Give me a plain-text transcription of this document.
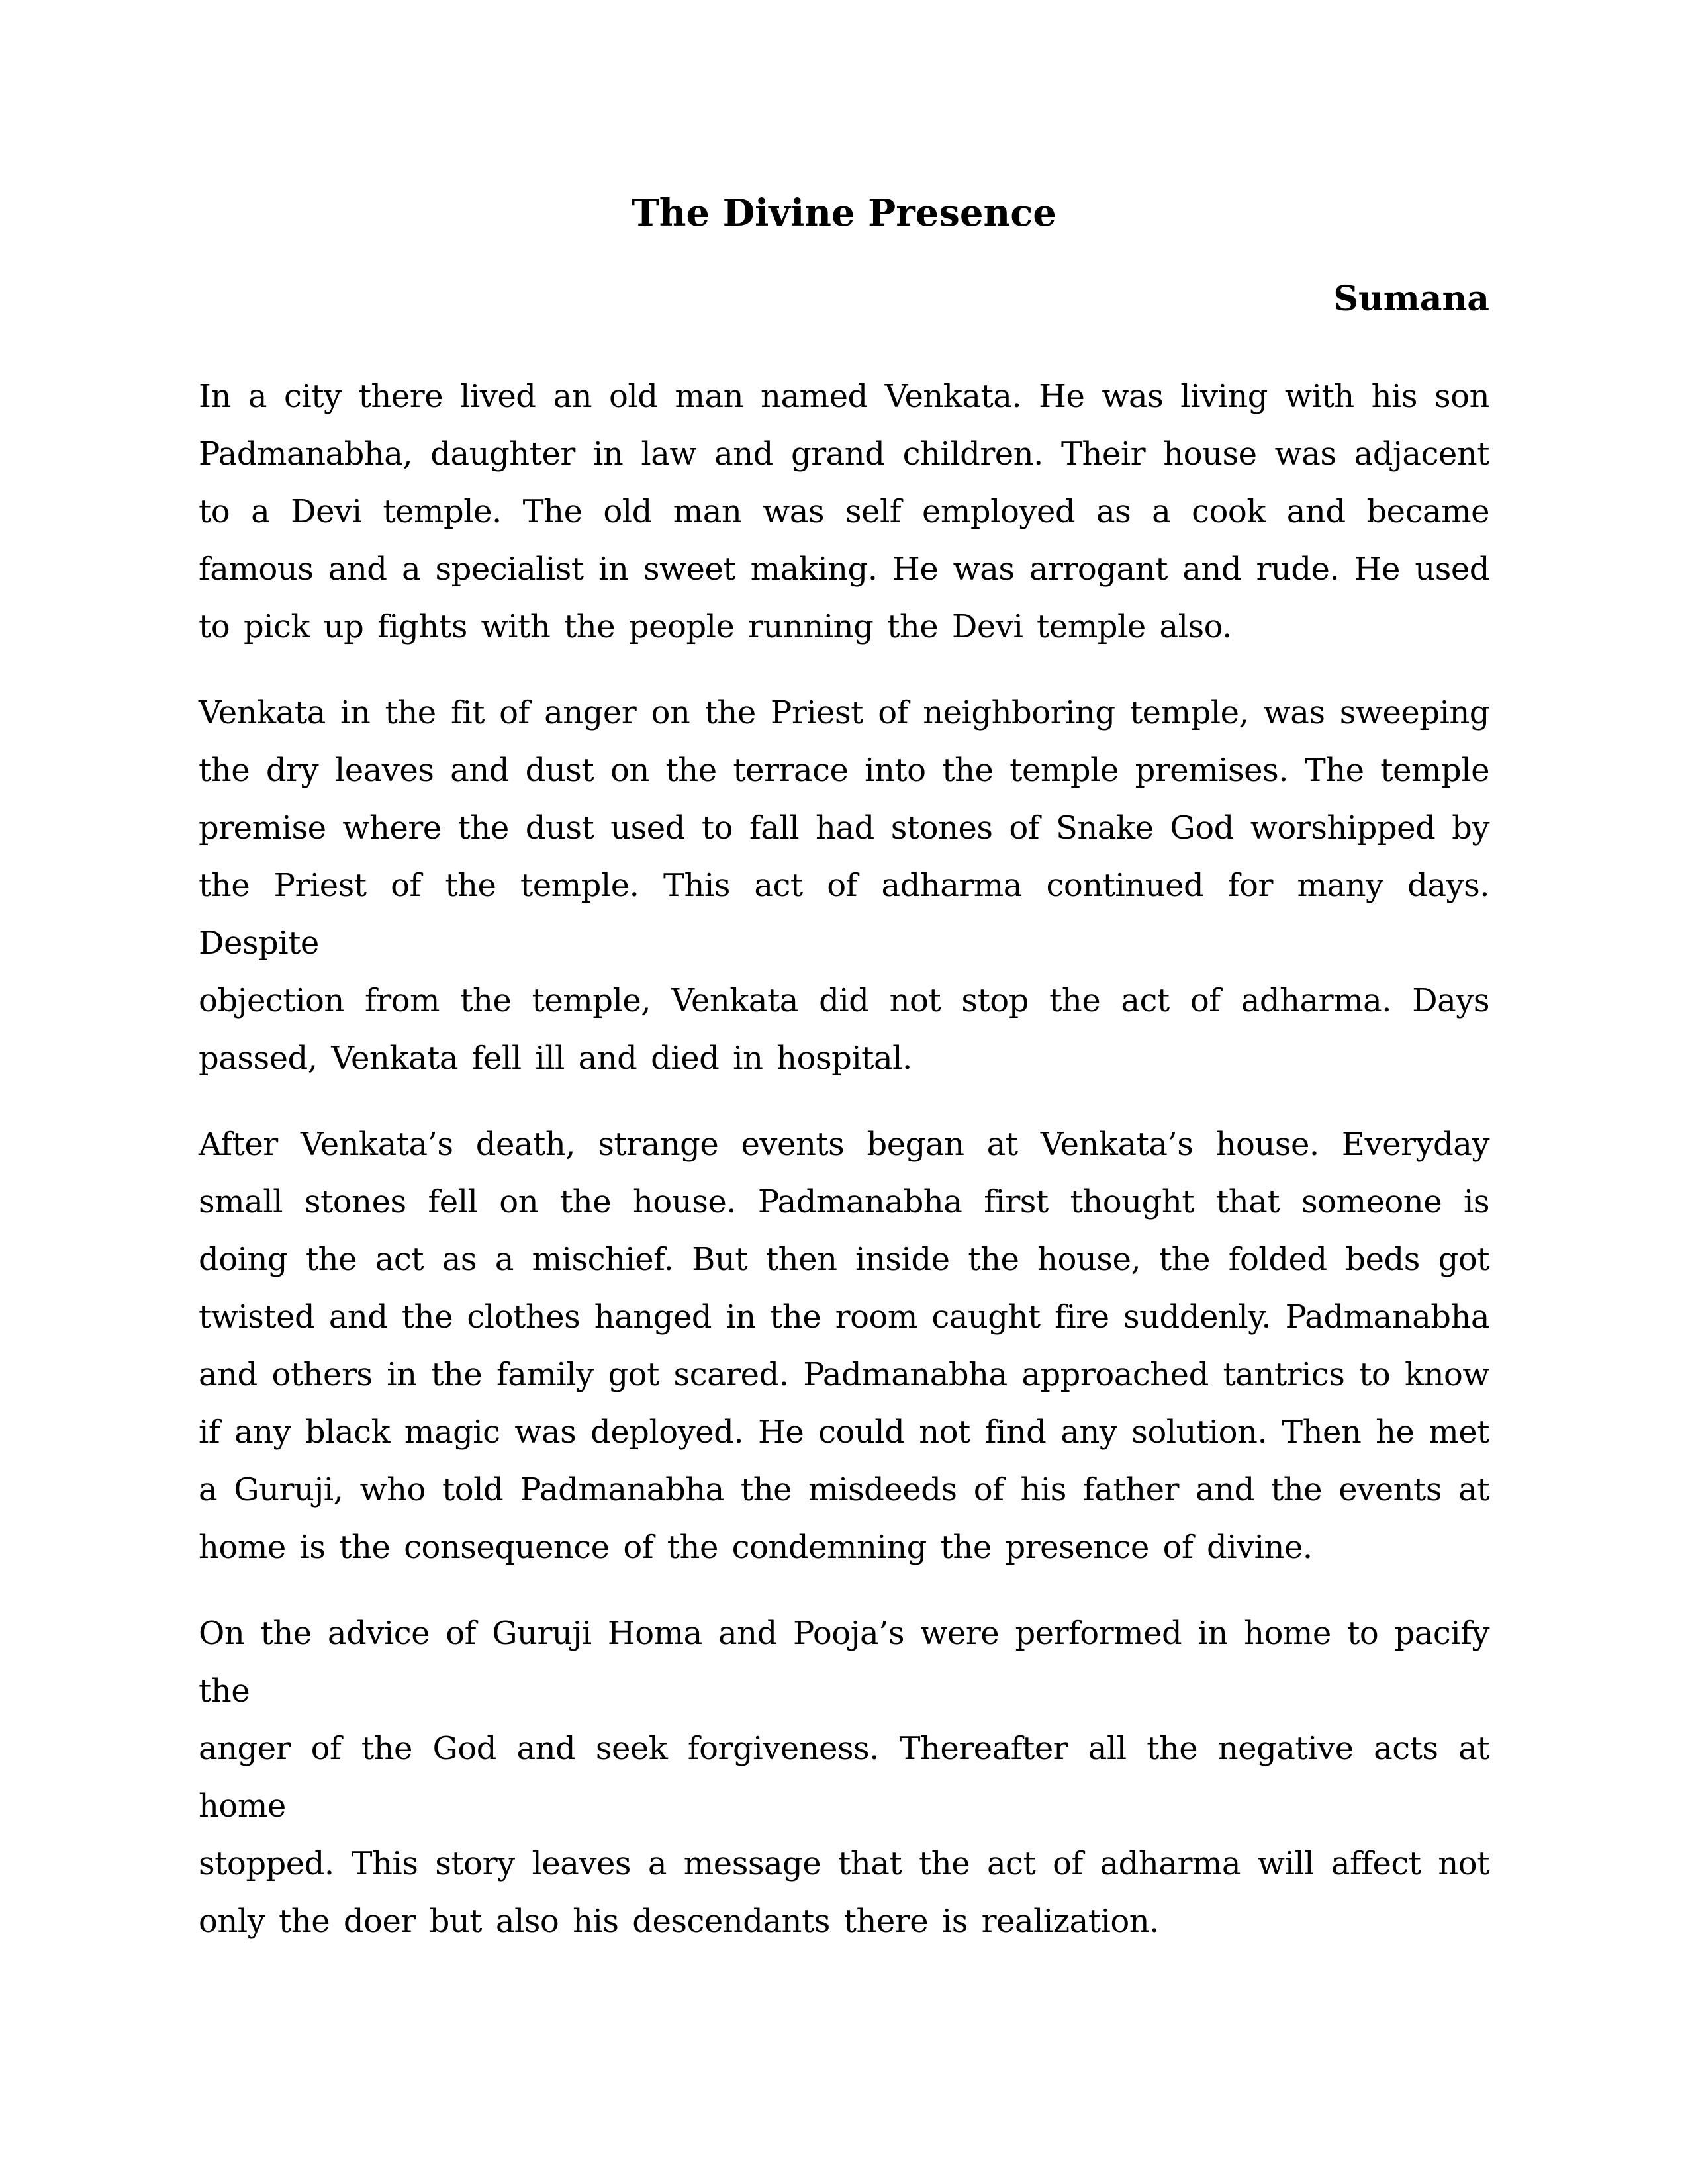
The Divine Presence
Sumana
In a city there lived an old man named Venkata. He was living with his son
Padmanabha, daughter in law and grand children. Their house was adjacent
to a Devi temple. The old man was self employed as a cook and became
famous and a specialist in sweet making. He was arrogant and rude. He used
to pick up fights with the people running the Devi temple also.
Venkata in the fit of anger on the Priest of neighboring temple, was sweeping
the dry leaves and dust on the terrace into the temple premises. The temple
premise where the dust used to fall had stones of Snake God worshipped by
the Priest of the temple. This act of adharma continued for many days. Despite
objection from the temple, Venkata did not stop the act of adharma. Days
passed, Venkata fell ill and died in hospital.
After Venkata’s death, strange events began at Venkata’s house. Everyday
small stones fell on the house. Padmanabha first thought that someone is
doing the act as a mischief. But then inside the house, the folded beds got
twisted and the clothes hanged in the room caught fire suddenly. Padmanabha
and others in the family got scared. Padmanabha approached tantrics to know
if any black magic was deployed. He could not find any solution. Then he met
a Guruji, who told Padmanabha the misdeeds of his father and the events at
home is the consequence of the condemning the presence of divine.
On the advice of Guruji Homa and Pooja’s were performed in home to pacify the
anger of the God and seek forgiveness. Thereafter all the negative acts at home
stopped. This story leaves a message that the act of adharma will affect not
only the doer but also his descendants there is realization.
